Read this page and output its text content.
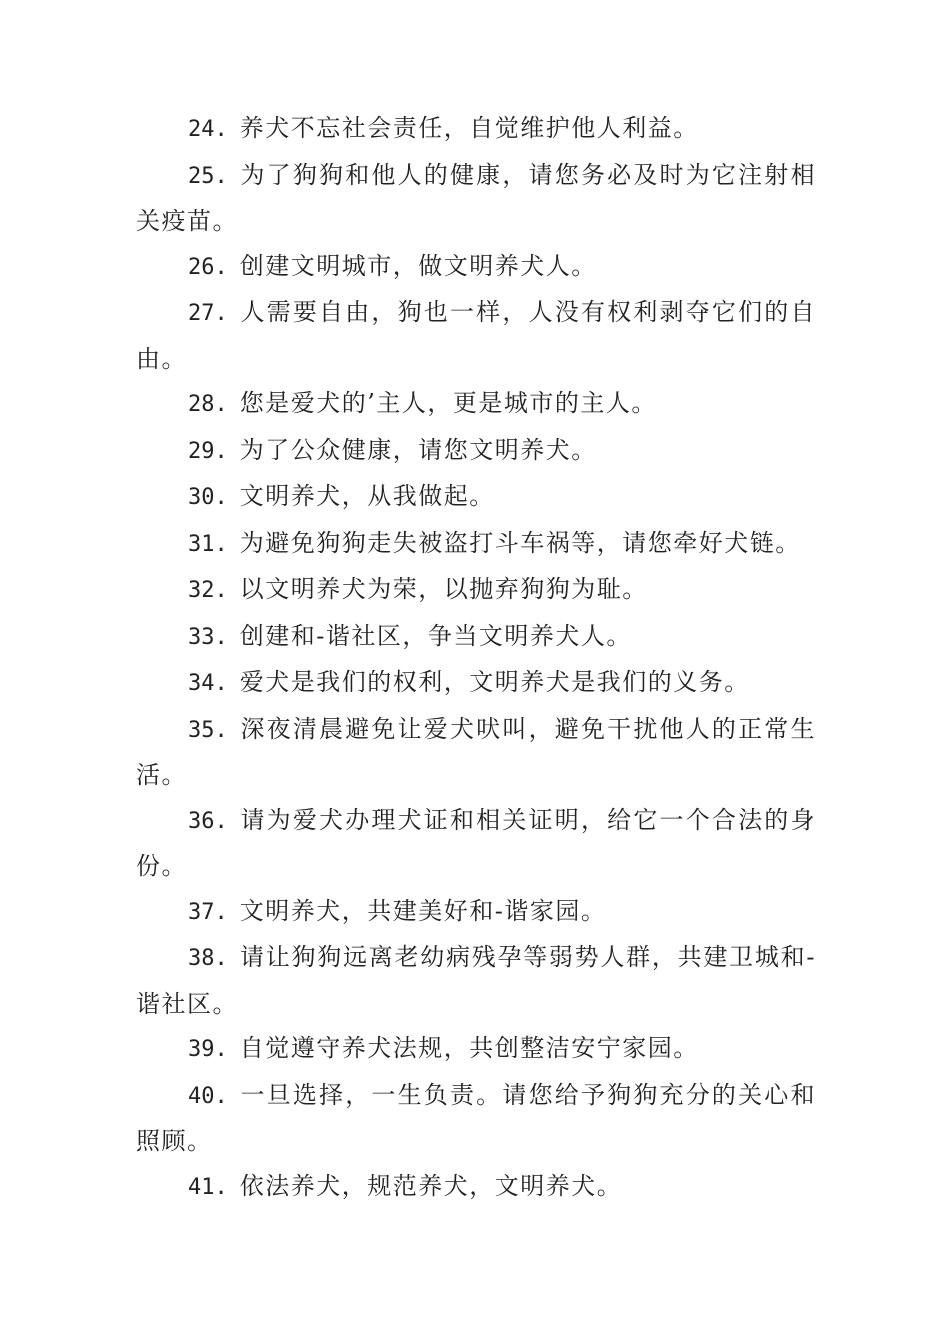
24. 养犬不忘社会责任，自觉维护他人利益。

25. 为了狗狗和他人的健康，请您务必及时为它注射相关疫苗。

26. 创建文明城市，做文明养犬人。

27. 人需要自由，狗也一样，人没有权利剥夺它们的自由。

28. 您是爱犬的’主人，更是城市的主人。

29. 为了公众健康，请您文明养犬。

30. 文明养犬，从我做起。

31. 为避免狗狗走失被盗打斗车祸等，请您牵好犬链。

32. 以文明养犬为荣，以抛弃狗狗为耻。

33. 创建和-谐社区，争当文明养犬人。

34. 爱犬是我们的权利，文明养犬是我们的义务。

35. 深夜清晨避免让爱犬吠叫，避免干扰他人的正常生活。

36. 请为爱犬办理犬证和相关证明，给它一个合法的身份。

37. 文明养犬，共建美好和-谐家园。

38. 请让狗狗远离老幼病残孕等弱势人群，共建卫城和-谐社区。

39. 自觉遵守养犬法规，共创整洁安宁家园。

40. 一旦选择，一生负责。请您给予狗狗充分的关心和照顾。

41. 依法养犬，规范养犬，文明养犬。
